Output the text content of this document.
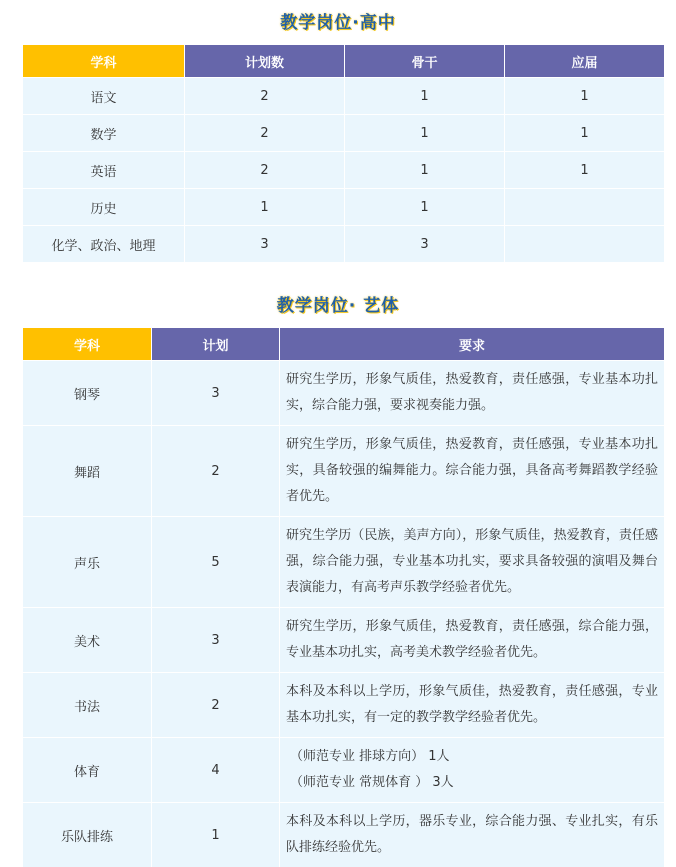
教学岗位·高中
学科	计划数	骨干	应届
语文	2	1	1
数学	2	1	1
英语	2	1	1
历史	1	1	
化学、政治、地理	3	3	
教学岗位· 艺体
学科	计划	要求
钢琴	3	研究生学历，形象气质佳，热爱教育，责任感强，专业基本功扎实，综合能力强，要求视奏能力强。
舞蹈	2	研究生学历，形象气质佳，热爱教育，责任感强，专业基本功扎实，具备较强的编舞能力。综合能力强，具备高考舞蹈教学经验者优先。
声乐	5	研究生学历（民族，美声方向），形象气质佳，热爱教育，责任感强，综合能力强，专业基本功扎实，要求具备较强的演唱及舞台表演能力，有高考声乐教学经验者优先。
美术	3	研究生学历，形象气质佳，热爱教育，责任感强，综合能力强，专业基本功扎实，高考美术教学经验者优先。
书法	2	本科及本科以上学历，形象气质佳，热爱教育，责任感强，专业基本功扎实，有一定的教学教学经验者优先。
体育	4	（师范专业 排球方向） 1人
（师范专业 常规体育 ） 3人

乐队排练	1	本科及本科以上学历，器乐专业，综合能力强、专业扎实，有乐队排练经验优先。
